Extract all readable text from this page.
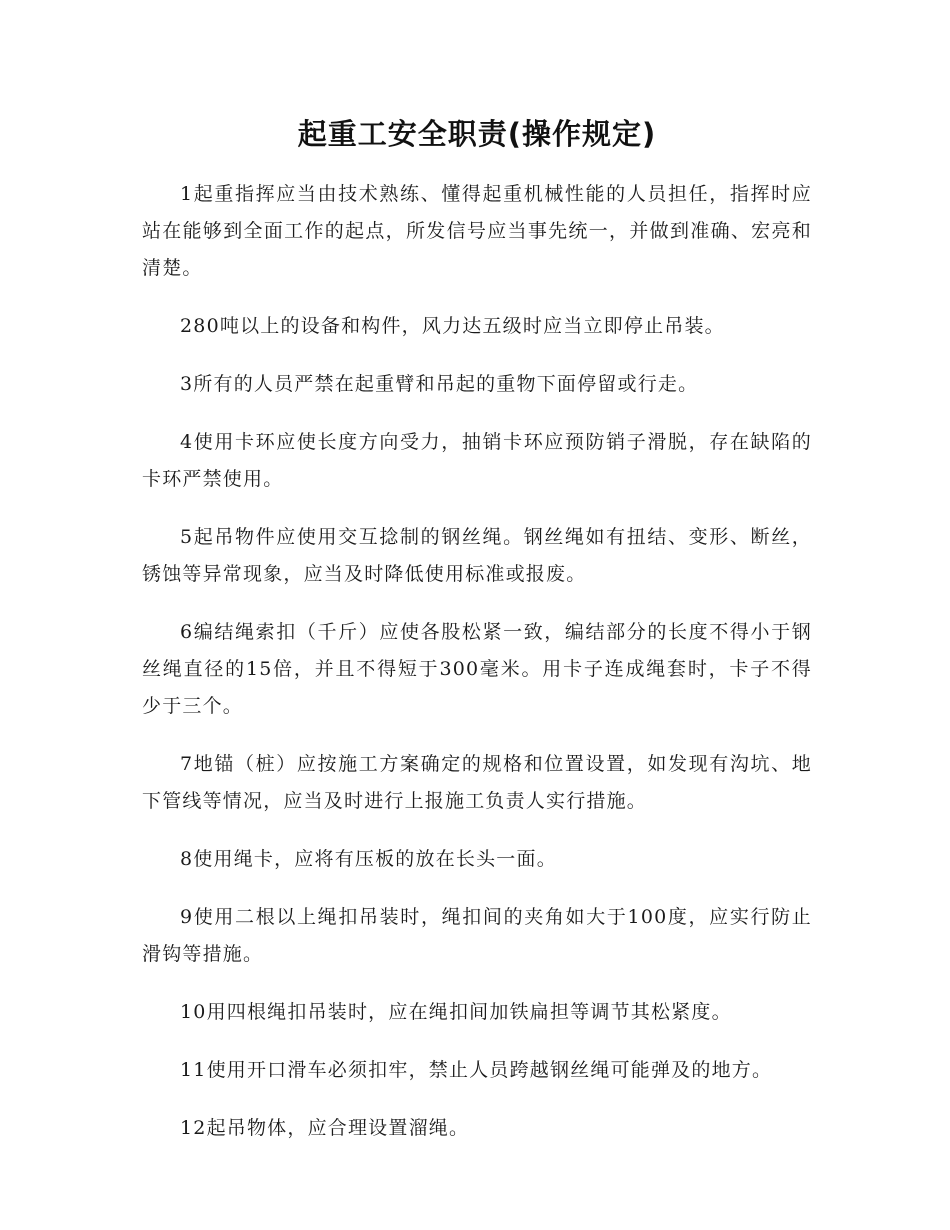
起重工安全职责(操作规定)

1起重指挥应当由技术熟练、懂得起重机械性能的人员担任，指挥时应站在能够到全面工作的起点，所发信号应当事先统一，并做到准确、宏亮和清楚。

280吨以上的设备和构件，风力达五级时应当立即停止吊装。

3所有的人员严禁在起重臂和吊起的重物下面停留或行走。

4使用卡环应使长度方向受力，抽销卡环应预防销子滑脱，存在缺陷的卡环严禁使用。

5起吊物件应使用交互捻制的钢丝绳。钢丝绳如有扭结、变形、断丝，锈蚀等异常现象，应当及时降低使用标准或报废。

6编结绳索扣（千斤）应使各股松紧一致，编结部分的长度不得小于钢丝绳直径的15倍，并且不得短于300毫米。用卡子连成绳套时，卡子不得少于三个。

7地锚（桩）应按施工方案确定的规格和位置设置，如发现有沟坑、地下管线等情况，应当及时进行上报施工负责人实行措施。

8使用绳卡，应将有压板的放在长头一面。

9使用二根以上绳扣吊装时，绳扣间的夹角如大于100度，应实行防止滑钩等措施。

10用四根绳扣吊装时，应在绳扣间加铁扁担等调节其松紧度。

11使用开口滑车必须扣牢，禁止人员跨越钢丝绳可能弹及的地方。

12起吊物体，应合理设置溜绳。
